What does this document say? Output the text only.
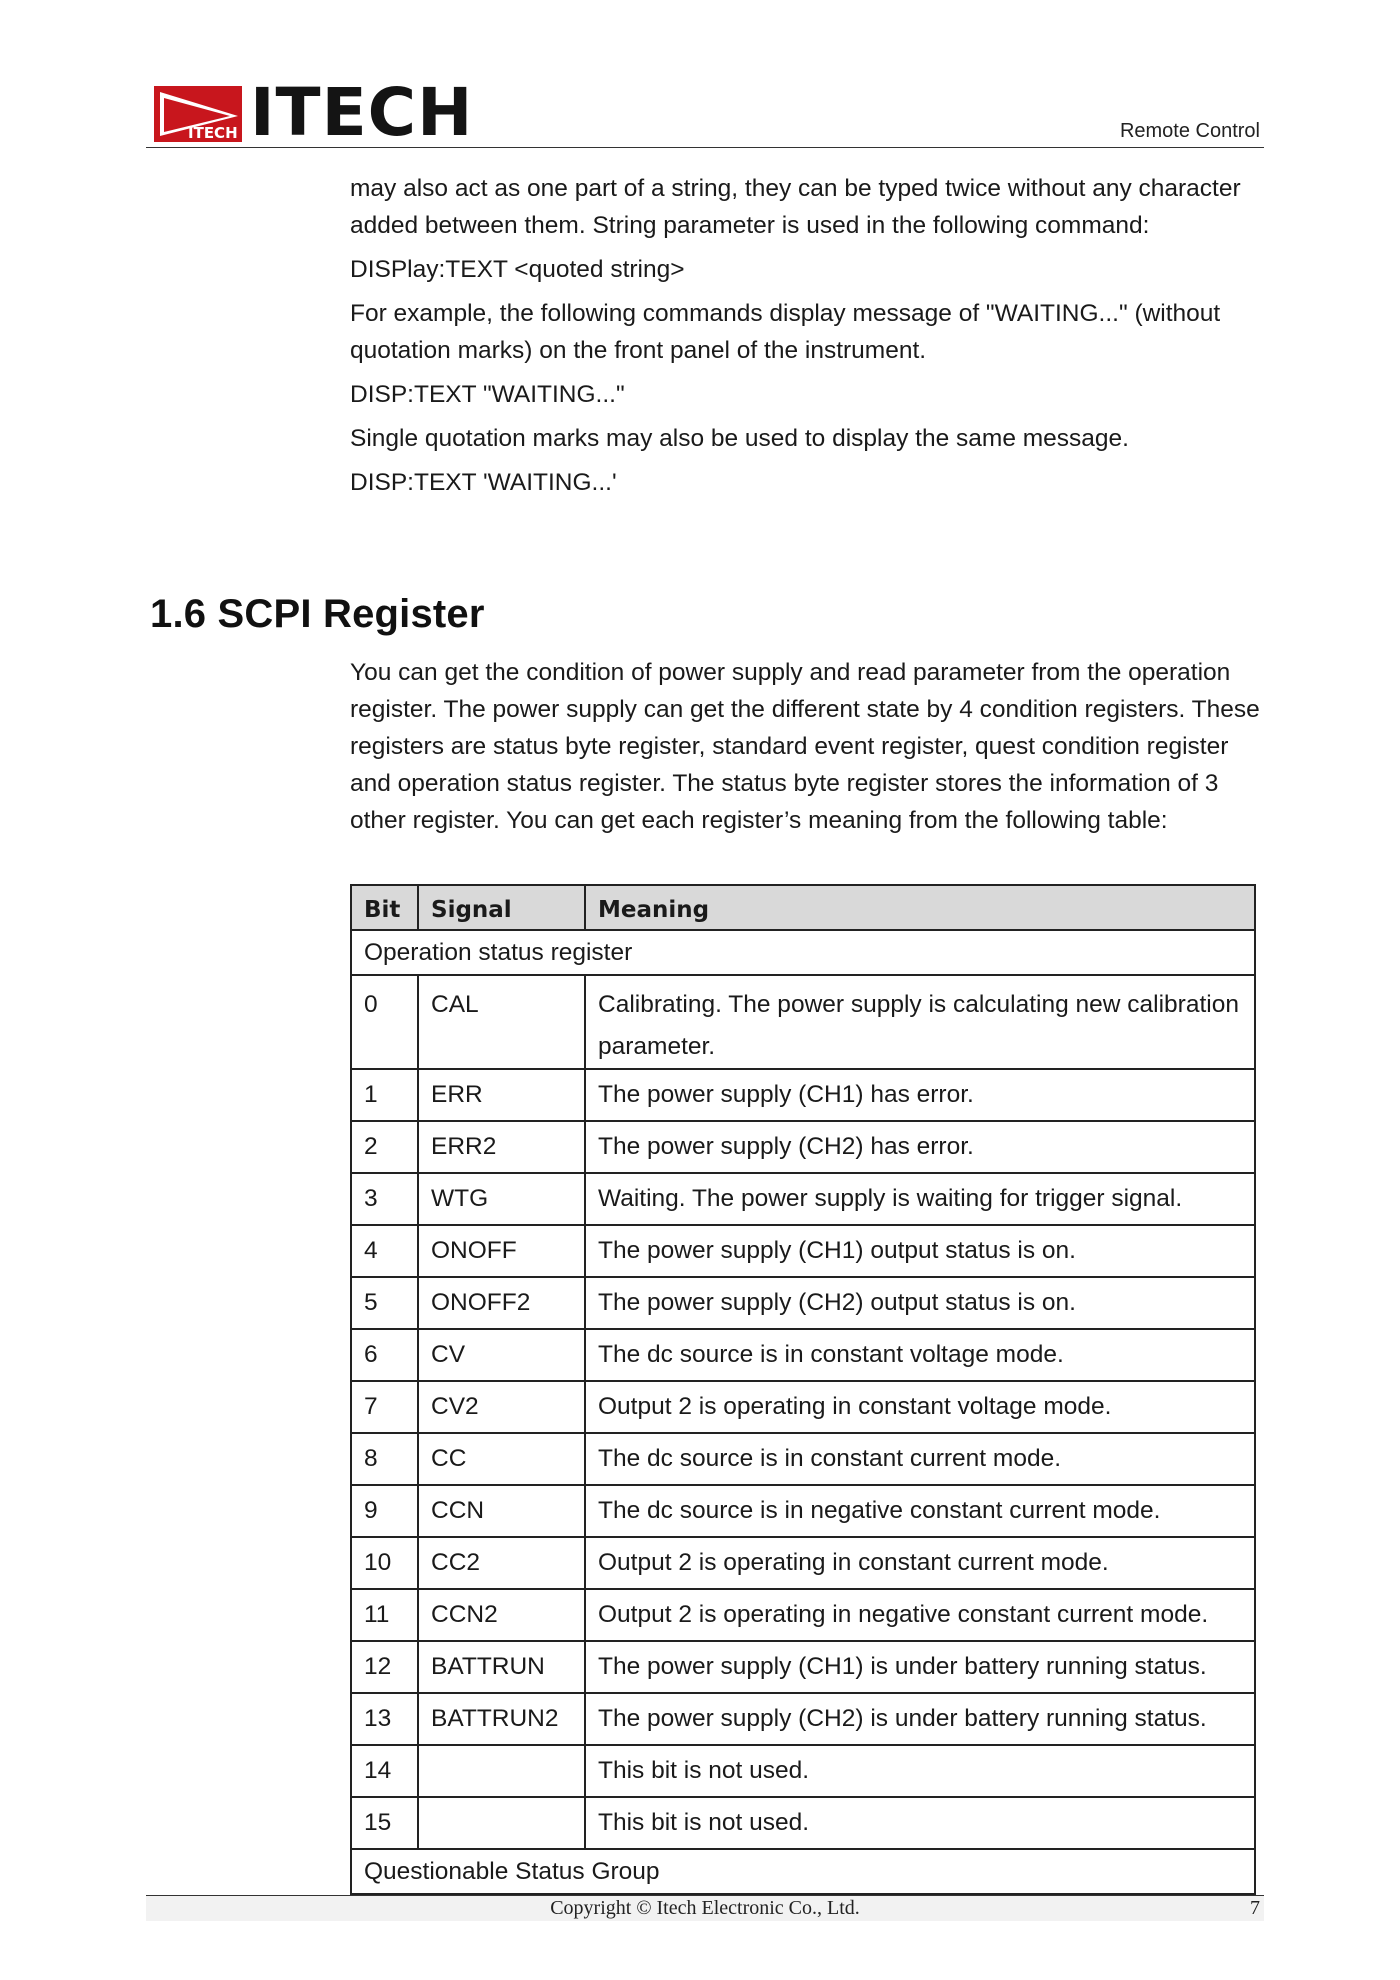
ITECH ITECH	Remote Control

may also act as one part of a string, they can be typed twice without any character added between them. String parameter is used in the following command:

DISPlay:TEXT <quoted string>

For example, the following commands display message of "WAITING..." (without quotation marks) on the front panel of the instrument.

DISP:TEXT "WAITING..."

Single quotation marks may also be used to display the same message.

DISP:TEXT 'WAITING...'

1.6 SCPI Register
You can get the condition of power supply and read parameter from the operation register. The power supply can get the different state by 4 condition registers. These registers are status byte register, standard event register, quest condition register and operation status register. The status byte register stores the information of 3 other register. You can get each register’s meaning from the following table:
Bit	Signal	Meaning
Operation status register		
0	CAL	Calibrating. The power supply is calculating new calibration parameter.
1	ERR	The power supply (CH1) has error.
2	ERR2	The power supply (CH2) has error.
3	WTG	Waiting. The power supply is waiting for trigger signal.
4	ONOFF	The power supply (CH1) output status is on.
5	ONOFF2	The power supply (CH2) output status is on.
6	CV	The dc source is in constant voltage mode.
7	CV2	Output 2 is operating in constant voltage mode.
8	CC	The dc source is in constant current mode.
9	CCN	The dc source is in negative constant current mode.
10	CC2	Output 2 is operating in constant current mode.
11	CCN2	Output 2 is operating in negative constant current mode.
12	BATTRUN	The power supply (CH1) is under battery running status.
13	BATTRUN2	The power supply (CH2) is under battery running status.
14		This bit is not used.
15		This bit is not used.
Questionable Status Group		
Copyright © Itech Electronic Co., Ltd.	7
